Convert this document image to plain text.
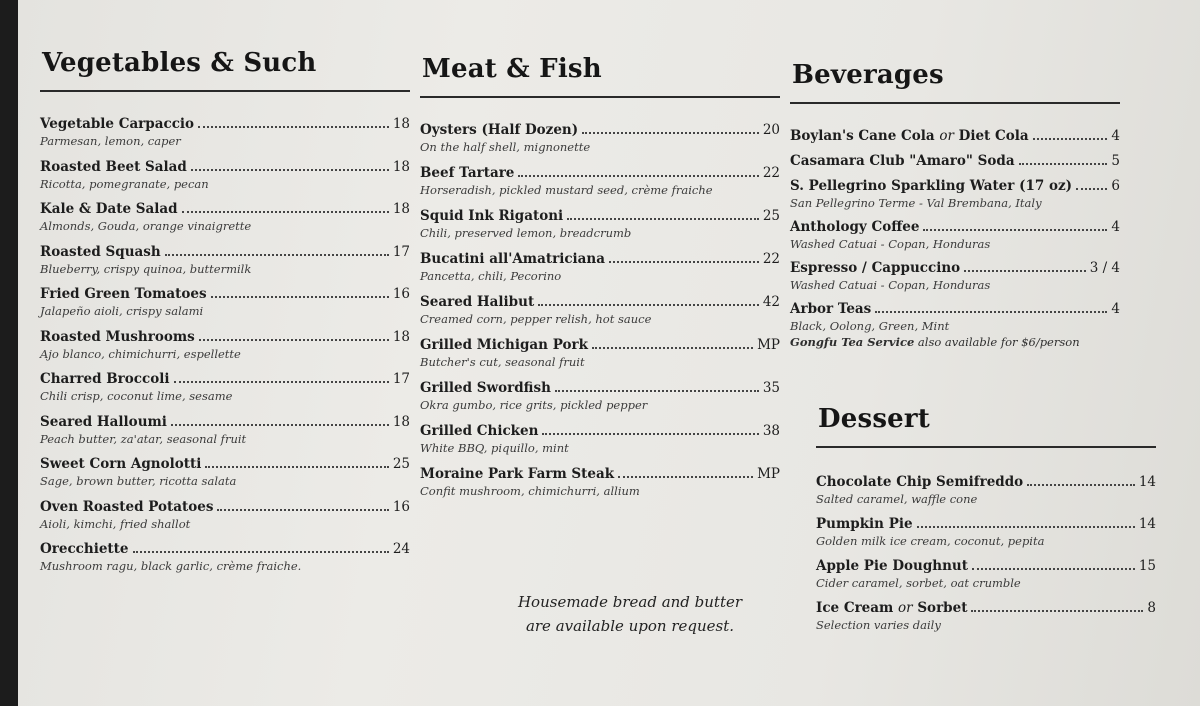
Vegetables & Such
Vegetable Carpaccio	18
Parmesan, lemon, caper
Roasted Beet Salad	18
Ricotta, pomegranate, pecan
Kale & Date Salad	18
Almonds, Gouda, orange vinaigrette
Roasted Squash	17
Blueberry, crispy quinoa, buttermilk
Fried Green Tomatoes	16
Jalapeño aioli, crispy salami
Roasted Mushrooms	18
Ajo blanco, chimichurri, espellette
Charred Broccoli	17
Chili crisp, coconut lime, sesame
Seared Halloumi	18
Peach butter, za'atar, seasonal fruit
Sweet Corn Agnolotti	25
Sage, brown butter, ricotta salata
Oven Roasted Potatoes	16
Aioli, kimchi, fried shallot
Orecchiette	24
Mushroom ragu, black garlic, crème fraiche.
Meat & Fish
Oysters (Half Dozen)	20
On the half shell, mignonette
Beef Tartare	22
Horseradish, pickled mustard seed, crème fraiche
Squid Ink Rigatoni	25
Chili, preserved lemon, breadcrumb
Bucatini all'Amatriciana	22
Pancetta, chili, Pecorino
Seared Halibut	42
Creamed corn, pepper relish, hot sauce
Grilled Michigan Pork	MP
Butcher's cut, seasonal fruit
Grilled Swordfish	35
Okra gumbo, rice grits, pickled pepper
Grilled Chicken	38
White BBQ, piquillo, mint
Moraine Park Farm Steak	MP
Confit mushroom, chimichurri, allium
Housemade bread and butter
are available upon request.
Beverages
Boylan's Cane Cola or Diet Cola	4
Casamara Club "Amaro" Soda	5
S. Pellegrino Sparkling Water (17 oz)	6
San Pellegrino Terme - Val Brembana, Italy
Anthology Coffee	4
Washed Catuai - Copan, Honduras
Espresso / Cappuccino	3 / 4
Washed Catuai - Copan, Honduras
Arbor Teas	4
Black, Oolong, Green, Mint
Gongfu Tea Service also available for $6/person
Dessert
Chocolate Chip Semifreddo	14
Salted caramel, waffle cone
Pumpkin Pie	14
Golden milk ice cream, coconut, pepita
Apple Pie Doughnut	15
Cider caramel, sorbet, oat crumble
Ice Cream or Sorbet	8
Selection varies daily
